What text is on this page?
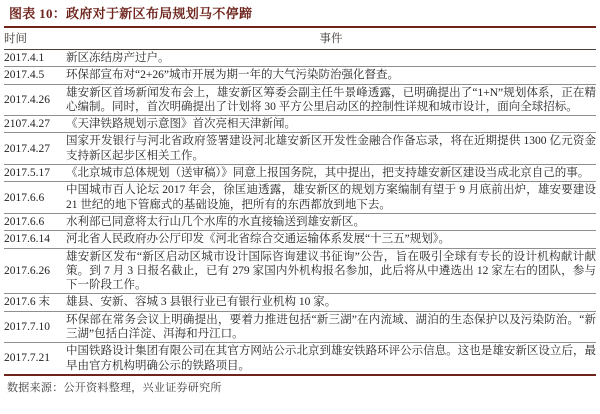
图表 10：政府对于新区布局规划马不停蹄
时间	事件
2017.4.1	新区冻结房产过户。
2017.4.5	环保部宣布对“2+26”城市开展为期一年的大气污染防治强化督查。
2017.4.26	雄安新区首场新闻发布会上，雄安新区筹委会副主任牛景峰透露，已明确提出了“1+N”规划体系，正在精心编制。同时，首次明确提出了计划将 30 平方公里启动区的控制性详规和城市设计，面向全球招标。
2107.4.27	《天津铁路规划示意图》首次亮相天津新闻。
2017.4.27	国家开发银行与河北省政府签署建设河北雄安新区开发性金融合作备忘录，将在近期提供 1300 亿元资金支持新区起步区相关工作。
2017.5.17	《北京城市总体规划（送审稿）》同意上报国务院，其中提出，把支持雄安新区建设当成北京自己的事。
2017.6.6	中国城市百人论坛 2017 年会，徐匡迪透露，雄安新区的规划方案编制有望于 9 月底前出炉，雄安要建设 21 世纪的地下管廊式的基础设施，把所有的东西都放到地下去。
2017.6.6	水利部已同意将太行山几个水库的水直接输送到雄安新区。
2017.6.14	河北省人民政府办公厅印发《河北省综合交通运输体系发展“十三五”规划》。
2017.6.26	雄安新区发布“新区启动区城市设计国际咨询建议书征询”公告，旨在吸引全球有专长的设计机构献计献策。到 7 月 3 日报名截止，已有 279 家国内外机构报名参加，此后将从中遴选出 12 家左右的团队，参与下一阶段工作。
2017.6 末	雄县、安新、容城 3 县银行业已有银行业机构 10 家。
2017.7.10	环保部在常务会议上明确提出，要着力推进包括“新三湖”在内流域、湖泊的生态保护以及污染防治。“新三湖”包括白洋淀、洱海和丹江口。
2017.7.21	中国铁路设计集团有限公司在其官方网站公示北京到雄安铁路环评公示信息。这也是雄安新区设立后，最早由官方机构明确公示的铁路项目。
数据来源：公开资料整理，兴业证券研究所
